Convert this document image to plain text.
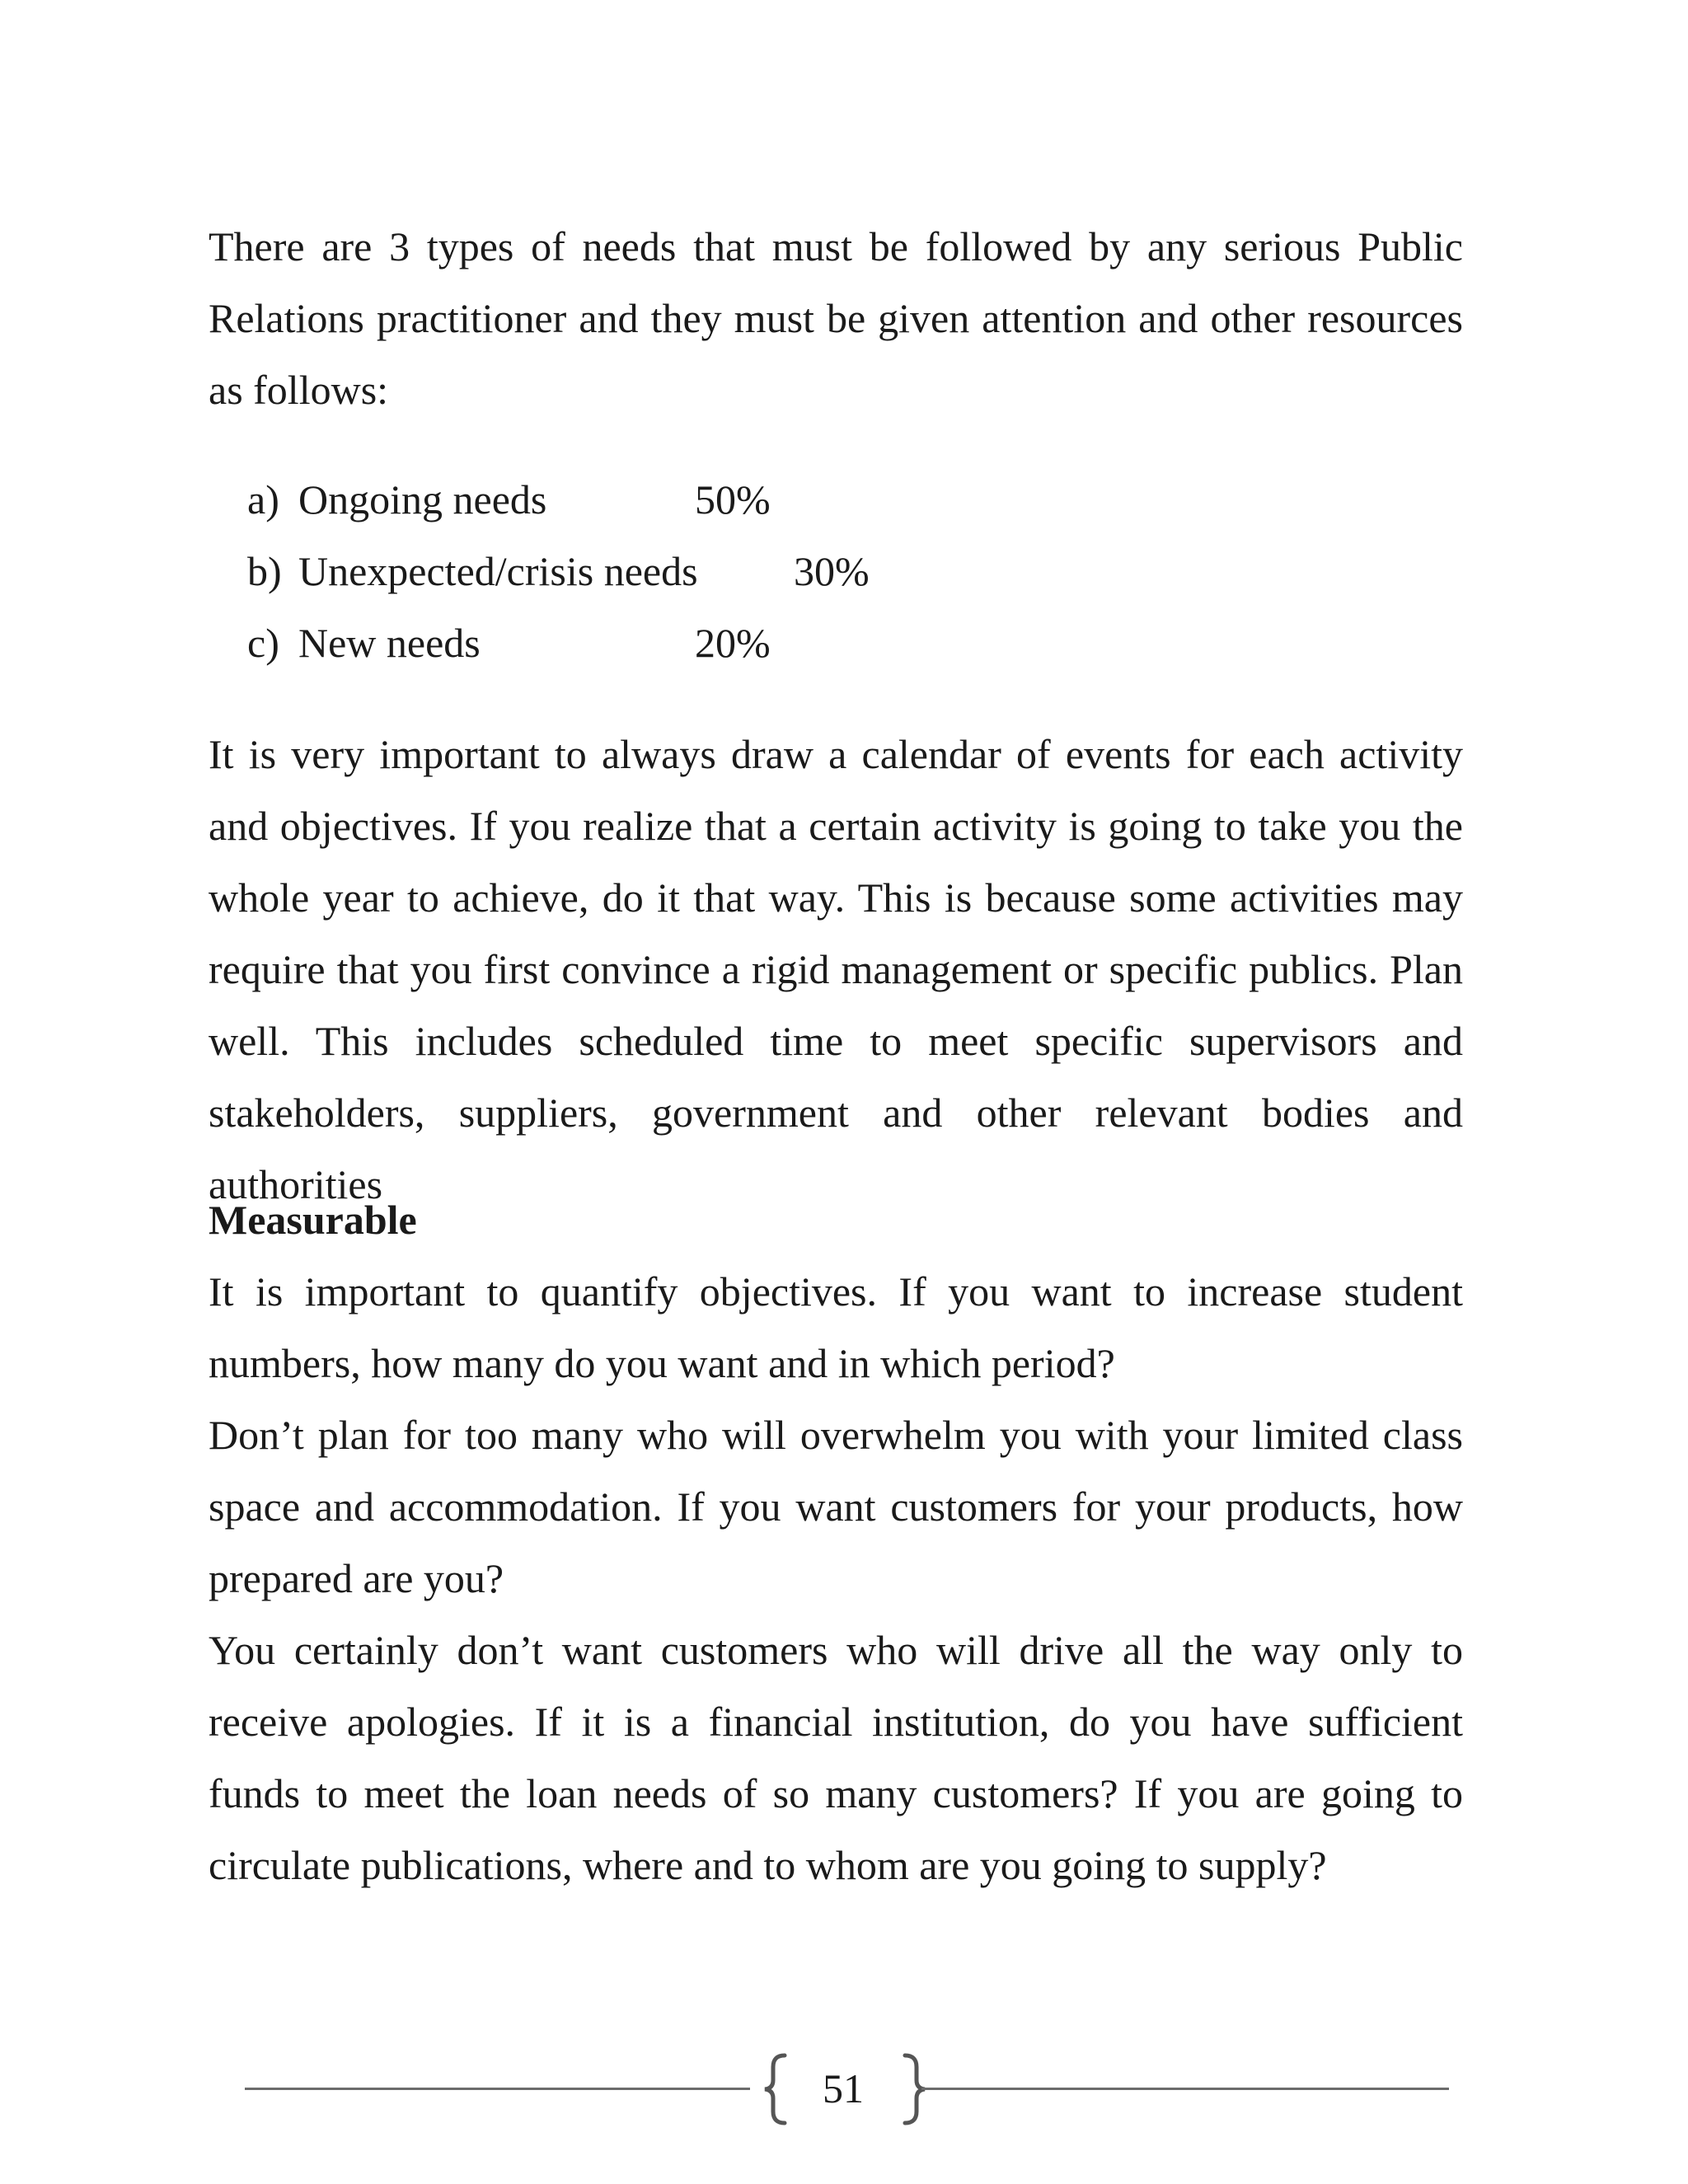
There are 3 types of needs that must be followed by any serious Public Relations practitioner and they must be given attention and other resources as follows:

a) Ongoing needs	50%
b) Unexpected/crisis needs 30%
c) New needs	20%

It is very important to always draw a calendar of events for each activity and objectives. If you realize that a certain activity is going to take you the whole year to achieve, do it that way. This is because some activities may require that you first convince a rigid management or specific publics. Plan well. This includes scheduled time to meet specific supervisors and stakeholders, suppliers, government and other relevant bodies and authorities

Measurable

It is important to quantify objectives. If you want to increase student numbers, how many do you want and in which period?

Don’t plan for too many who will overwhelm you with your limited class space and accommodation. If you want customers for your products, how prepared are you?

You certainly don’t want customers who will drive all the way only to receive apologies. If it is a financial institution, do you have sufficient funds to meet the loan needs of so many customers? If you are going to circulate publications, where and to whom are you going to supply?

51
